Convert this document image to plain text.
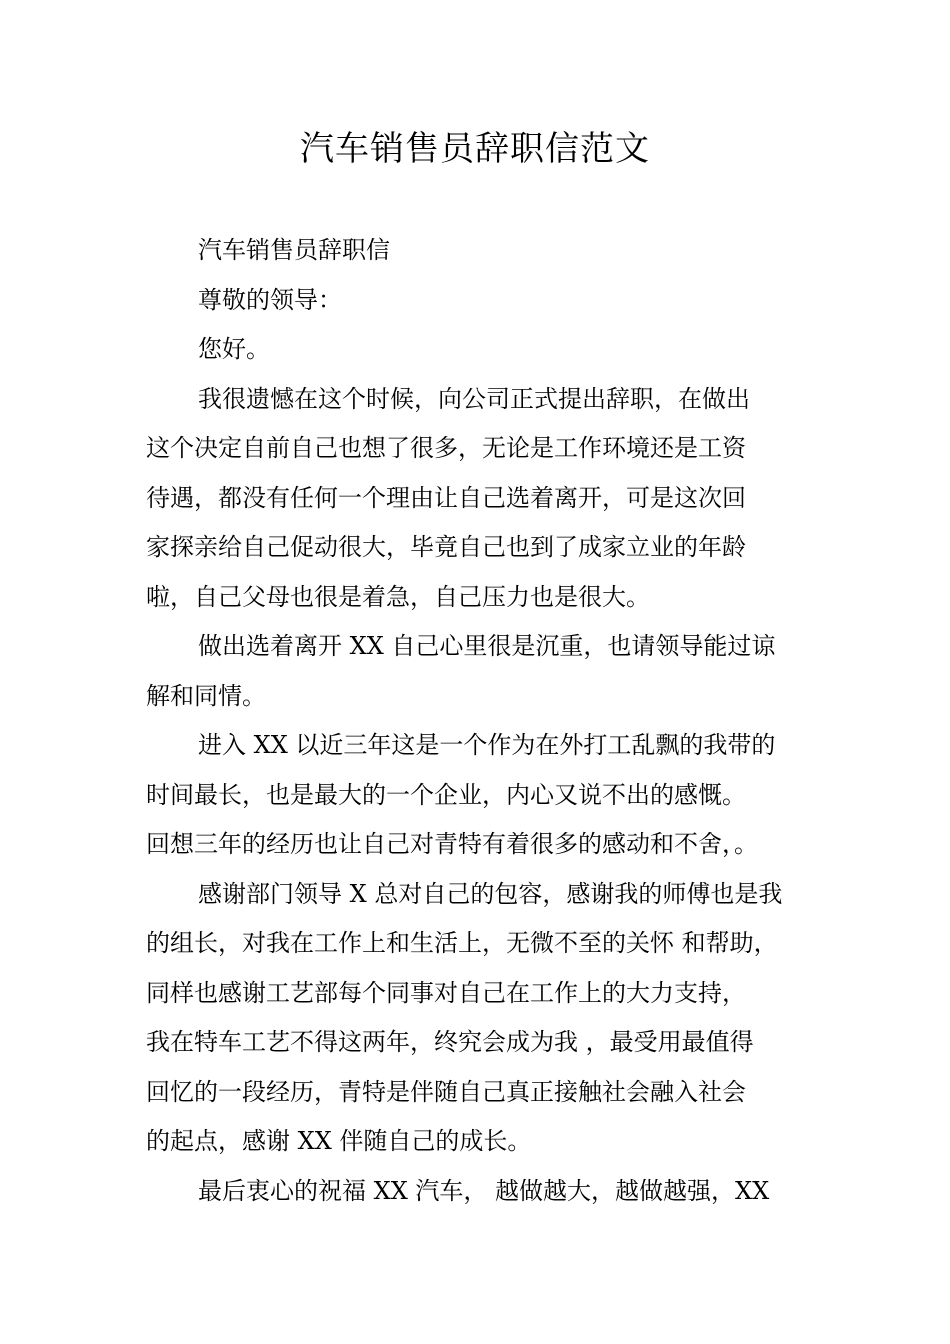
汽车销售员辞职信范文
汽车销售员辞职信
尊敬的领导：
您好。
我很遗憾在这个时候，向公司正式提出辞职，在做出
这个决定自前自己也想了很多，无论是工作环境还是工资
待遇，都没有任何一个理由让自己选着离开，可是这次回
家探亲给自己促动很大，毕竟自己也到了成家立业的年龄
啦，自己父母也很是着急，自己压力也是很大。
做出选着离开 XX 自己心里很是沉重，也请领导能过谅
解和同情。
进入 XX 以近三年这是一个作为在外打工乱飘的我带的
时间最长，也是最大的一个企业，内心又说不出的感慨。
回想三年的经历也让自己对青特有着很多的感动和不舍，。
感谢部门领导 X 总对自己的包容，感谢我的师傅也是我
的组长，对我在工作上和生活上，无微不至的关怀 和帮助，
同样也感谢工艺部每个同事对自己在工作上的大力支持，
我在特车工艺不得这两年，终究会成为我 ，最受用最值得
回忆的一段经历，青特是伴随自己真正接触社会融入社会
的起点，感谢 XX 伴随自己的成长。
最后衷心的祝福 XX 汽车， 越做越大，越做越强，XX
